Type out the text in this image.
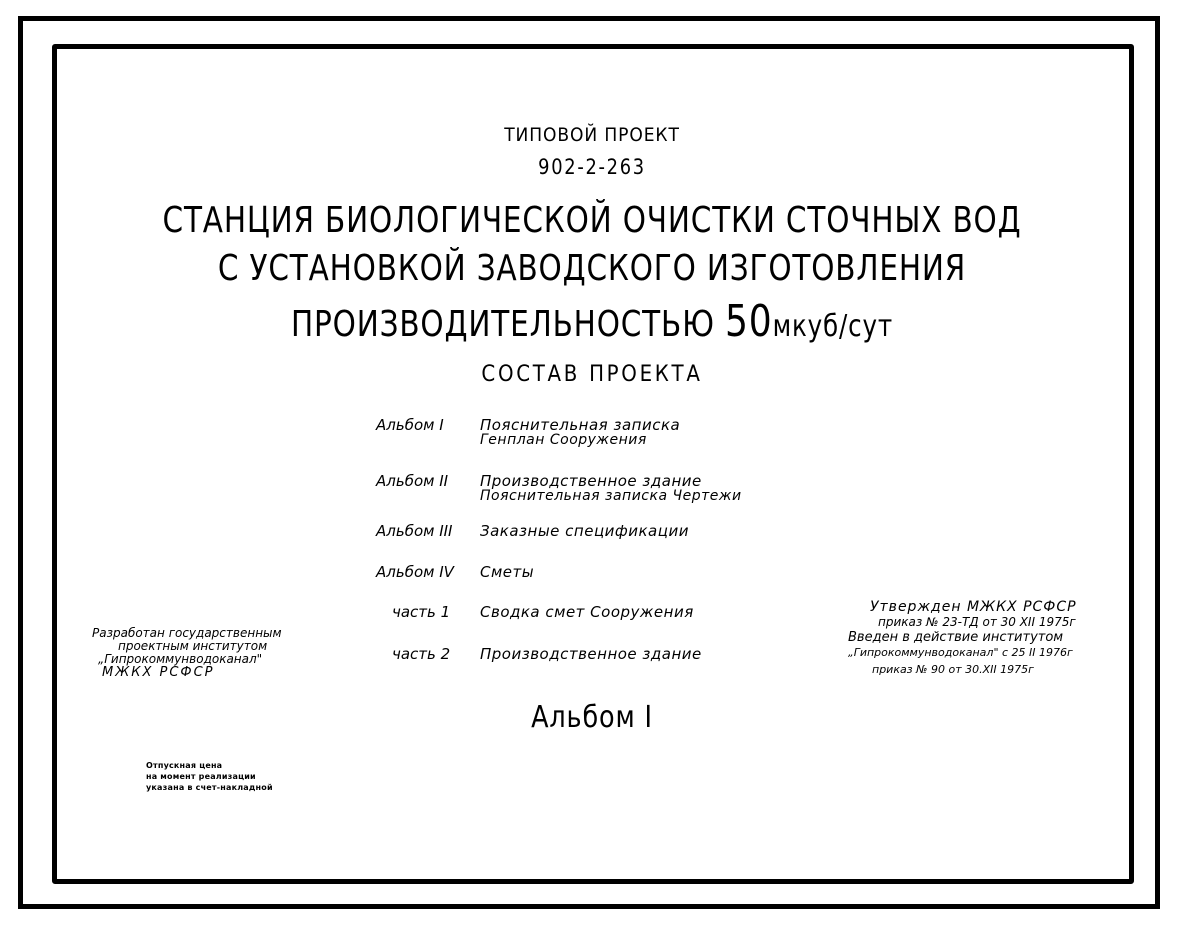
ТИПОВОЙ ПРОЕКТ
902-2-263
СТАНЦИЯ БИОЛОГИЧЕСКОЙ ОЧИСТКИ СТОЧНЫХ ВОД
С УСТАНОВКОЙ ЗАВОДСКОГО ИЗГОТОВЛЕНИЯ
ПРОИЗВОДИТЕЛЬНОСТЬЮ 50мкуб/сут
СОСТАВ ПРОЕКТА
Альбом I Пояснительная записка
Генплан Сооружения
Альбом II Производственное здание
Пояснительная записка Чертежи
Альбом III Заказные спецификации
Альбом IV Сметы
часть 1 Сводка смет Сооружения
часть 2 Производственное здание
Разработан государственным
проектным институтом
„Гипрокоммунводоканал"
МЖКХ РСФСР
Утвержден МЖКХ РСФСР
приказ № 23-ТД от 30 XII 1975г
Введен в действие институтом
„Гипрокоммунводоканал" с 25 II 1976г
приказ № 90 от 30.XII 1975г
Альбом I
Отпускная цена
на момент реализации
указана в счет-накладной
